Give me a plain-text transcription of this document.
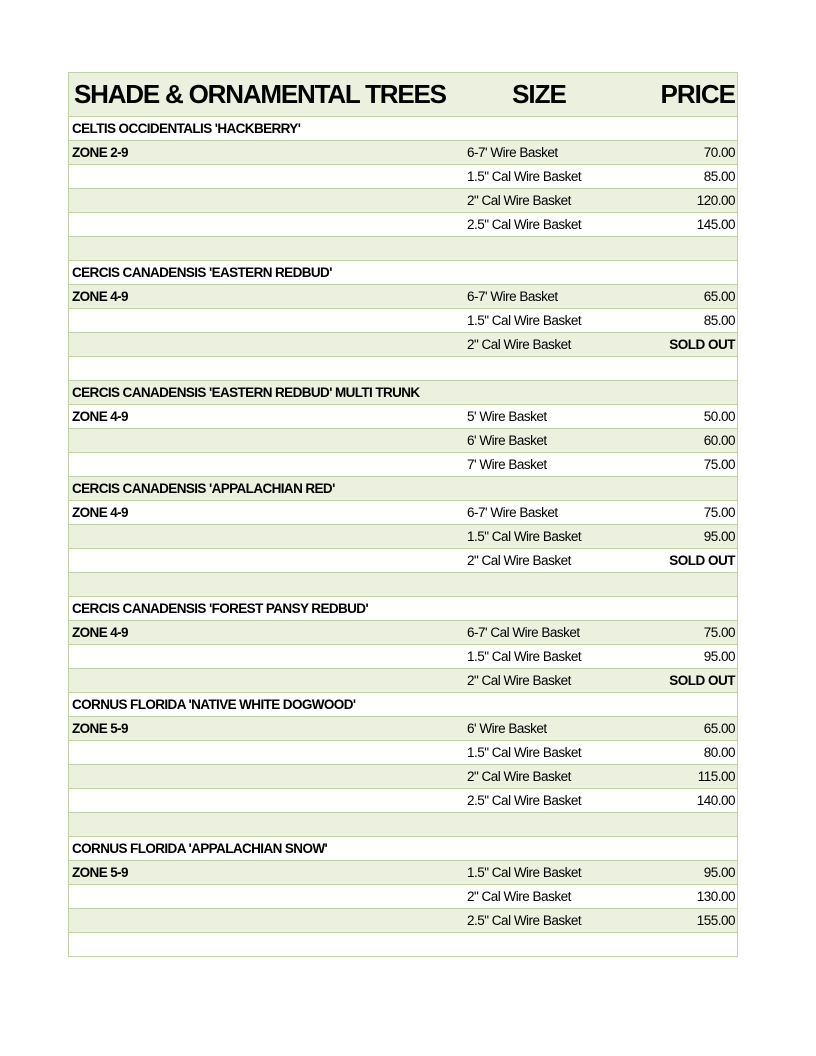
SHADE & ORNAMENTAL TREES	SIZE	PRICE
CELTIS OCCIDENTALIS 'HACKBERRY'
ZONE 2-9	6-7' Wire Basket	70.00
1.5" Cal Wire Basket	85.00
2" Cal Wire Basket	120.00
2.5" Cal Wire Basket	145.00
CERCIS CANADENSIS 'EASTERN REDBUD'
ZONE 4-9	6-7' Wire Basket	65.00
1.5" Cal Wire Basket	85.00
2" Cal Wire Basket	SOLD OUT
CERCIS CANADENSIS 'EASTERN REDBUD' MULTI TRUNK
ZONE 4-9	5' Wire Basket	50.00
6' Wire Basket	60.00
7' Wire Basket	75.00
CERCIS CANADENSIS 'APPALACHIAN RED'
ZONE 4-9	6-7' Wire Basket	75.00
1.5" Cal Wire Basket	95.00
2" Cal Wire Basket	SOLD OUT
CERCIS CANADENSIS 'FOREST PANSY REDBUD'
ZONE 4-9	6-7' Cal Wire Basket	75.00
1.5" Cal Wire Basket	95.00
2" Cal Wire Basket	SOLD OUT
CORNUS FLORIDA 'NATIVE WHITE DOGWOOD'
ZONE 5-9	6' Wire Basket	65.00
1.5" Cal Wire Basket	80.00
2" Cal Wire Basket	115.00
2.5" Cal Wire Basket	140.00
CORNUS FLORIDA 'APPALACHIAN SNOW'
ZONE 5-9	1.5" Cal Wire Basket	95.00
2" Cal Wire Basket	130.00
2.5" Cal Wire Basket	155.00
